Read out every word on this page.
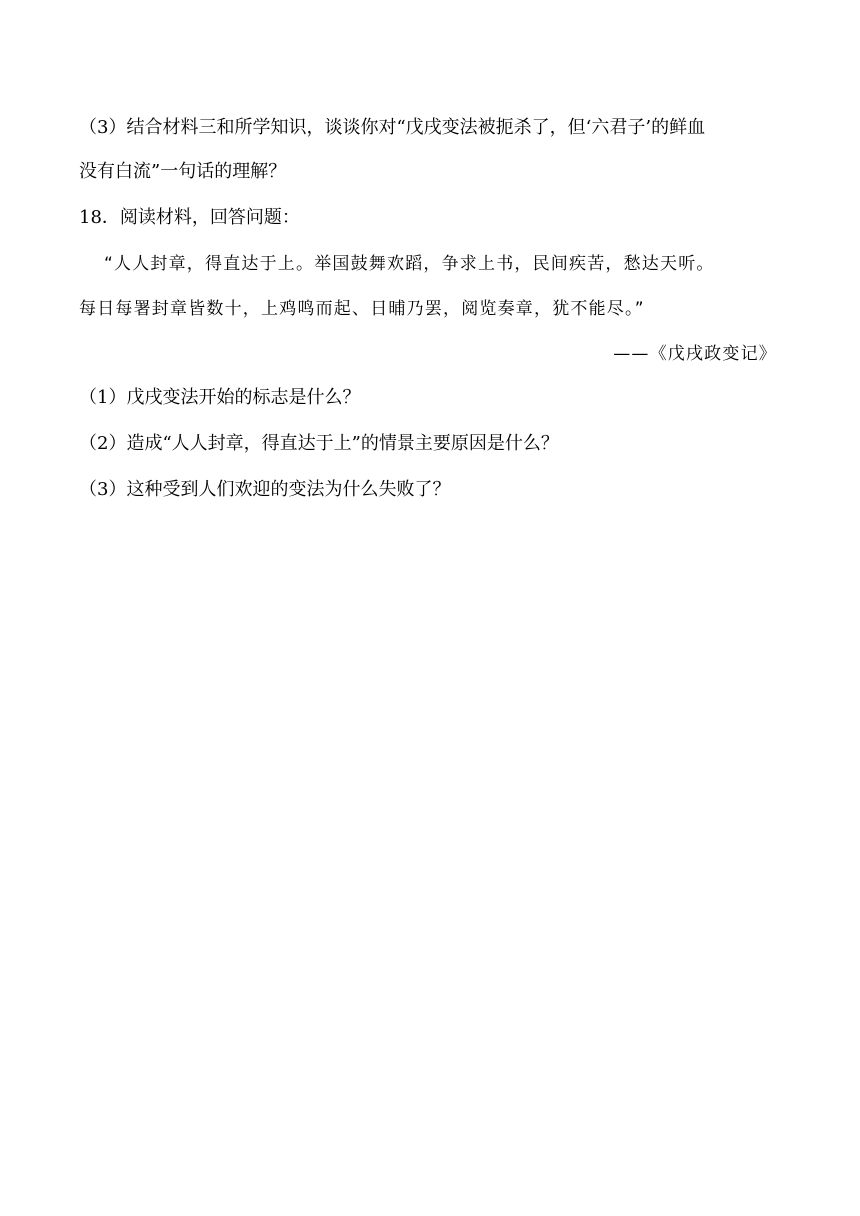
（3）结合材料三和所学知识，谈谈你对“戊戌变法被扼杀了，但‘六君子’的鲜血
没有白流”一句话的理解？
18．阅读材料，回答问题：
“人人封章，得直达于上。举国鼓舞欢蹈，争求上书，民间疾苦，愁达天听。
每日每署封章皆数十，上鸡鸣而起、日晡乃罢，阅览奏章，犹不能尽。”
——《戊戌政变记》
（1）戊戌变法开始的标志是什么？
（2）造成“人人封章，得直达于上”的情景主要原因是什么？
（3）这种受到人们欢迎的变法为什么失败了？
